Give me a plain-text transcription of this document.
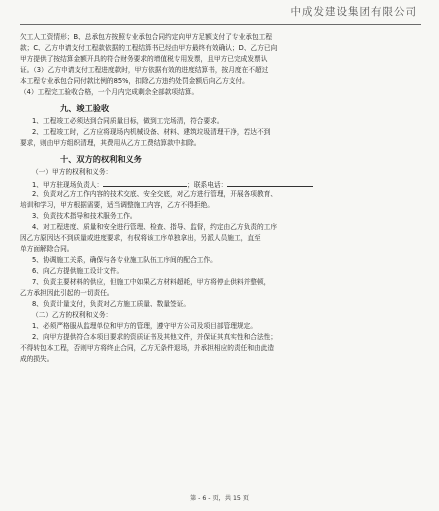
中成发建设集团有限公司
欠工人工资情形；B、总承包方按照专业承包合同约定向甲方足额支付了专业承包工程
款；C、乙方申请支付工程款依据的工程结算书已经由甲方最终有效确认；D、乙方已向
甲方提供了按结算金额开具的符合财务要求的增值税专用发票，且甲方已完成发票认
证。（3）乙方申请支付工程进度款时，甲方依据有效的进度结算书，按月度在不超过
本工程专业承包合同付款比例的85%，扣除乙方违约处罚金额后向乙方支付。
（4）工程完工验收合格，一个月内完成剩余全部款项结算。
九、竣工验收
1、工程竣工必须达到合同质量目标，做到工完场清，符合要求。
2、工程竣工时，乙方应将现场内机械设备、材料、建筑垃圾清理干净，若达不到
要求，则由甲方组织清理，其费用从乙方工费结算款中扣除。
十、双方的权利和义务
（一）甲方的权利和义务：
1、甲方驻现场负责人：	；联系电话：
2、负责对乙方工作内容的技术交底、安全交底，对乙方进行管理，开展各项教育、
培训和学习，甲方根据需要，适当调整施工内容，乙方不得拒绝。
3、负责技术指导和技术服务工作。
4、对工程进度、质量和安全进行管理、检查、指导、监督，约定由乙方负责的工序
因乙方原因达不到质量或进度要求，有权将该工序单独拿出，另派人员施工，直至
单方面解除合同。
5、协调施工关系，确保与各专业施工队伍工序间的配合工作。
6、向乙方提供施工设计文件。
7、负责主要材料的供应，但施工中如果乙方材料超耗，甲方将停止供料并整顿，
乙方承担因此引起的一切责任。
8、负责计量支付，负责对乙方施工质量、数量签证。
（二）乙方的权利和义务：
1、必须严格服从监理单位和甲方的管理，遵守甲方公司及项目部管理规定。
2、向甲方提供符合本项目要求的资质证书及其他文件，并保证其真实性和合法性；
不得转包本工程，否则甲方将终止合同，乙方无条件退场，并承担相应的责任和由此造
成的损失。
第 - 6 - 页，共 15 页
